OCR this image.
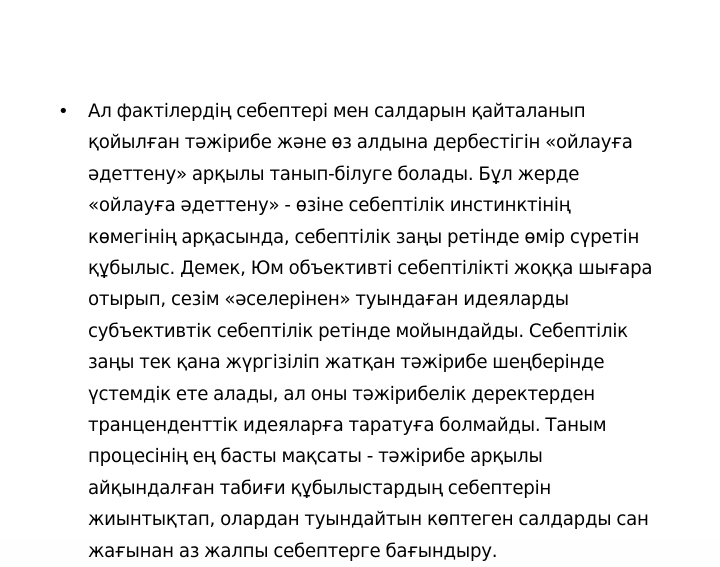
•	Ал фактілердің себептері мен салдарын қайталанып
қойылған тәжірибе және өз алдына дербестігін «ойлауға
әдеттену» арқылы танып-білуге болады. Бұл жерде
«ойлауға әдеттену» - өзіне себептілік инстинктінің
көмегінің арқасында, себептілік заңы ретінде өмір сүретін
құбылыс. Демек, Юм объективті себептілікті жоққа шығара
отырып, сезім «әселерінен» туындаған идеяларды
субъективтік себептілік ретінде мойындайды. Себептілік
заңы тек қана жүргізіліп жатқан тәжірибе шеңберінде
үстемдік ете алады, ал оны тәжірибелік деректерден
транценденттік идеяларға таратуға болмайды. Таным
процесінің ең басты мақсаты - тәжірибе арқылы
айқындалған табиғи құбылыстардың себептерін
жиынтықтап, олардан туындайтын көптеген салдарды сан
жағынан аз жалпы себептерге бағындыру.
